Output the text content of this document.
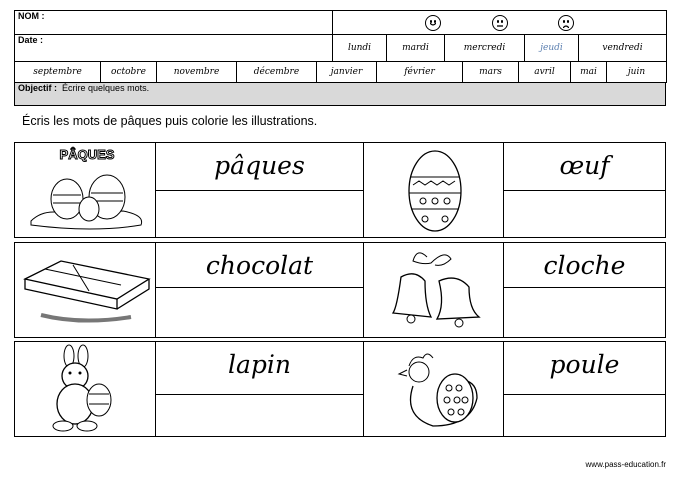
NOM :	

Date :	lundi	mardi	mercredi	jeudi	vendredi
septembre	octobre	novembre	décembre	janvier	février	mars	avril	mai	juin
Objectif : Écrire quelques mots.
Écris les mots de pâques puis colorie les illustrations.
pâques	œuf
PÂQUES
chocolat	cloche
lapin	poule
www.pass-education.fr
